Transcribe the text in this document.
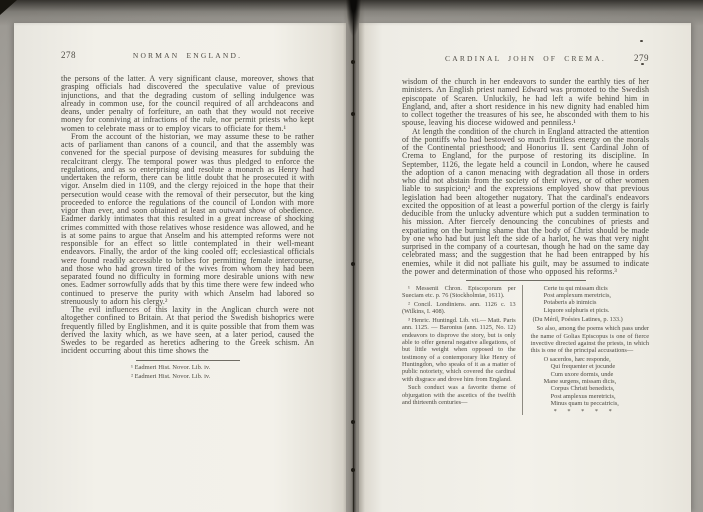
278	NORMAN ENGLAND.

the persons of the latter. A very significant clause, moreover, shows that grasping officials had discovered the speculative value of previous injunctions, and that the degrading custom of selling indulgence was already in common use, for the council required of all archdeacons and deans, under penalty of forfeiture, an oath that they would not receive money for conniving at infractions of the rule, nor permit priests who kept women to celebrate mass or to employ vicars to officiate for them.¹

From the account of the historian, we may assume these to be rather acts of parliament than canons of a council, and that the assembly was convened for the special purpose of devising measures for subduing the recalcitrant clergy. The temporal power was thus pledged to enforce the regulations, and as so enterprising and resolute a monarch as Henry had undertaken the reform, there can be little doubt that he prosecuted it with vigor. Anselm died in 1109, and the clergy rejoiced in the hope that their persecution would cease with the removal of their persecutor, but the king proceeded to enforce the regulations of the council of London with more vigor than ever, and soon obtained at least an outward show of obedience. Eadmer darkly intimates that this resulted in a great increase of shocking crimes committed with those relatives whose residence was allowed, and he is at some pains to argue that Anselm and his attempted reforms were not responsible for an effect so little contemplated in their well-meant endeavors. Finally, the ardor of the king cooled off; ecclesiastical officials were found readily accessible to bribes for permitting female intercourse, and those who had grown tired of the wives from whom they had been separated found no difficulty in forming more desirable unions with new ones. Eadmer sorrowfully adds that by this time there were few indeed who continued to preserve the purity with which Anselm had labored so strenuously to adorn his clergy.²

The evil influences of this laxity in the Anglican church were not altogether confined to Britain. At that period the Swedish bishoprics were frequently filled by Englishmen, and it is quite possible that from them was derived the laxity which, as we have seen, at a later period, caused the Swedes to be regarded as heretics adhering to the Greek schism. An incident occurring about this time shows the

¹ Eadmeri Hist. Novor. Lib. iv.
² Eadmeri Hist. Novor. Lib. iv.
CARDINAL JOHN OF CREMA.	279

wisdom of the church in her endeavors to sunder the earthly ties of her ministers. An English priest named Edward was promoted to the Swedish episcopate of Scaren. Unluckily, he had left a wife behind him in England, and, after a short residence in his new dignity had enabled him to collect together the treasures of his see, he absconded with them to his spouse, leaving his diocese widowed and penniless.¹

At length the condition of the church in England attracted the attention of the pontiffs who had bestowed so much fruitless energy on the morals of the Continental priesthood; and Honorius II. sent Cardinal John of Crema to England, for the purpose of restoring its discipline. In September, 1126, the legate held a council in London, where he caused the adoption of a canon menacing with degradation all those in orders who did not abstain from the society of their wives, or of other women liable to suspicion;² and the expressions employed show that previous legislation had been altogether nugatory. That the cardinal's endeavors excited the opposition of at least a powerful portion of the clergy is fairly deducible from the unlucky adventure which put a sudden termination to his mission. After fiercely denouncing the concubines of priests and expatiating on the burning shame that the body of Christ should be made by one who had but just left the side of a harlot, he was that very night surprised in the company of a courtesan, though he had on the same day celebrated mass; and the suggestion that he had been entrapped by his enemies, while it did not palliate his guilt, may be assumed to indicate the power and determination of those who opposed his reforms.³

¹ Messenii Chron. Episcoporum per Sueciam etc. p. 76 (Stockholmiæ, 1611).
² Concil. Londiniens. ann. 1126 c. 13 (Wilkins, I. 408).
³ Henric. Huntingd. Lib. vii.— Matt. Paris ann. 1125. — Baronius (ann. 1125, No. 12) endeavors to disprove the story, but is only able to offer general negative allegations, of but little weight when opposed to the testimony of a contemporary like Henry of Huntingdon, who speaks of it as a matter of public notoriety, which covered the cardinal with disgrace and drove him from England.
Such conduct was a favorite theme of objurgation with the ascetics of the twelfth and thirteenth centuries—
Certe tu qui missam dicis
Post amplexum meretricis,
Potaberis ab inimicis
Liquore sulphuris et picis.
(Du Méril, Poésies Latines, p. 133.)
So also, among the poems which pass under the name of Golias Episcopus is one of fierce invective directed against the priests, in which this is one of the principal accusations—
O sacerdos, hæc responde,
Qui frequenter et jocunde
Cum uxore dormis, unde
Mane surgens, missam dicis,
Corpus Christi benedicis,
Post amplexus meretricis,
Minus quam tu peccatricis,
* * * * *
